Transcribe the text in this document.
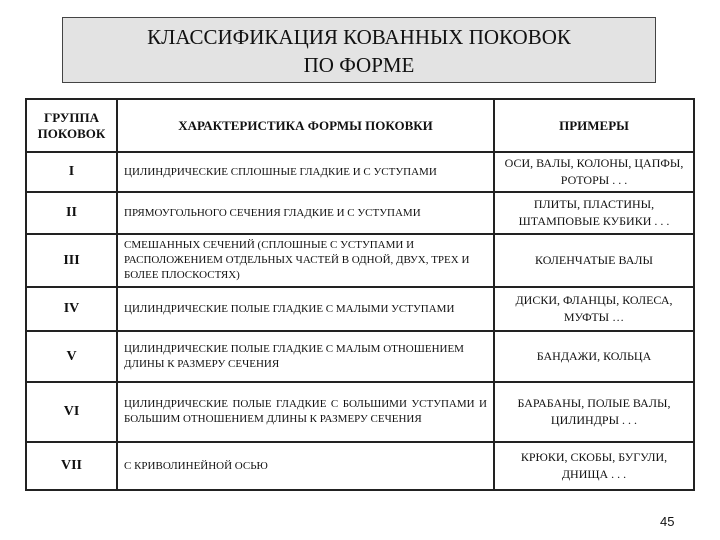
КЛАССИФИКАЦИЯ КОВАННЫХ ПОКОВОК
ПО ФОРМЕ
ГРУППА ПОКОВОК	ХАРАКТЕРИСТИКА ФОРМЫ ПОКОВКИ	ПРИМЕРЫ
I	ЦИЛИНДРИЧЕСКИЕ СПЛОШНЫЕ ГЛАДКИЕ И С УСТУПАМИ	ОСИ, ВАЛЫ, КОЛОНЫ, ЦАПФЫ, РОТОРЫ . . .
II	ПРЯМОУГОЛЬНОГО СЕЧЕНИЯ ГЛАДКИЕ И С УСТУПАМИ	ПЛИТЫ, ПЛАСТИНЫ, ШТАМПОВЫЕ КУБИКИ . . .
III	СМЕШАННЫХ СЕЧЕНИЙ (СПЛОШНЫЕ С УСТУПАМИ И РАСПОЛОЖЕНИЕМ ОТДЕЛЬНЫХ ЧАСТЕЙ В ОДНОЙ, ДВУХ, ТРЕХ И БОЛЕЕ ПЛОСКОСТЯХ)	КОЛЕНЧАТЫЕ ВАЛЫ
IV	ЦИЛИНДРИЧЕСКИЕ ПОЛЫЕ ГЛАДКИЕ С МАЛЫМИ УСТУПАМИ	ДИСКИ, ФЛАНЦЫ, КОЛЕСА, МУФТЫ …
V	ЦИЛИНДРИЧЕСКИЕ ПОЛЫЕ ГЛАДКИЕ С МАЛЫМ ОТНОШЕНИЕМ ДЛИНЫ К РАЗМЕРУ СЕЧЕНИЯ	БАНДАЖИ, КОЛЬЦА
VI	ЦИЛИНДРИЧЕСКИЕ ПОЛЫЕ ГЛАДКИЕ С БОЛЬШИМИ УСТУПАМИ И БОЛЬШИМ ОТНОШЕНИЕМ ДЛИНЫ К РАЗМЕРУ СЕЧЕНИЯ	БАРАБАНЫ, ПОЛЫЕ ВАЛЫ, ЦИЛИНДРЫ . . .
VII	С КРИВОЛИНЕЙНОЙ ОСЬЮ	КРЮКИ, СКОБЫ, БУГУЛИ, ДНИЩА . . .
45
